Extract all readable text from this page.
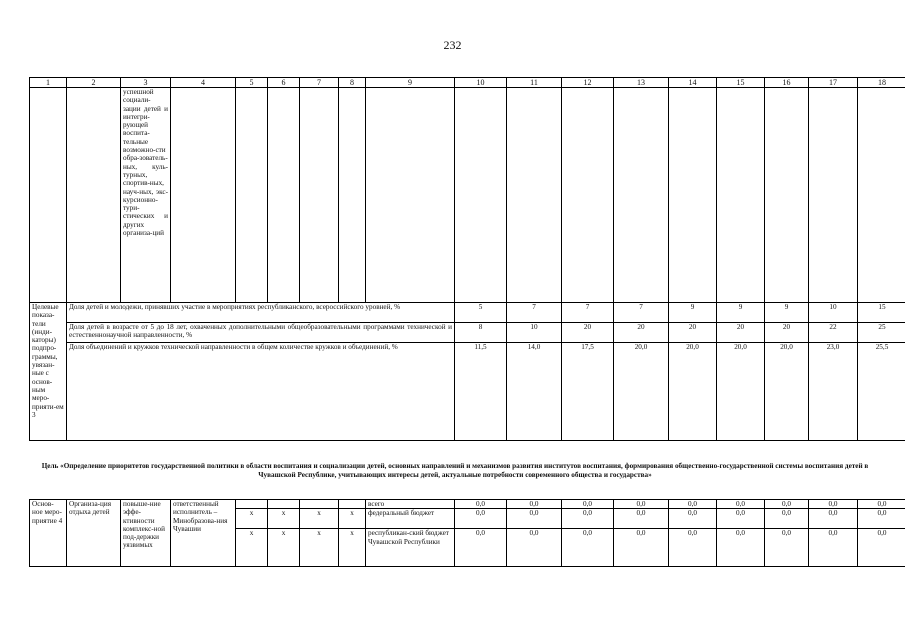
232
1	2	3	4	5	6	7	8	9	10	11	12	13	14	15	16	17	18
		успешной социали-зации детей и интегри-рующей воспита-тельные возможно-сти обра-зователь-ных, куль-турных, спортив-ных, науч-ных, экс-курсионно-тури-стических и других организа-ций															
Целевые показа-тели (инди-каторы) подпро-граммы, увязан-ные с основ-ным меро-прияти-ем 3	Доля детей и молодежи, принявших участие в мероприятиях республиканского, всероссийского уровней, %								5	7	7	7	9	9	9	10	15
	Доля детей в возрасте от 5 до 18 лет, охваченных дополнительными общеобразовательными программами технической и естественнонаучной направленности, %								8	10	20	20	20	20	20	22	25
	Доля объединений и кружков технической направленности в общем количестве кружков и объединений, %								11,5	14,0	17,5	20,0	20,0	20,0	20,0	23,0	25,5
Цель «Определение приоритетов государственной политики в области воспитания и социализации детей, основных направлений и механизмов развития институтов воспитания, формирования общественно-государственной системы воспитания детей в Чувашской Республике, учитывающих интересы детей, актуальные потребности современного общества и государства»
Основ-ное меро-приятие 4	Организа-ция отдыха детей	повыше-ние эффе-ктивности комплекс-ной под-держки уязвимых	ответственный исполнитель – Минобразова-ния Чувашии					всего	0,0	0,0	0,0	0,0	0,0	0,0	0,0	0,0	0,0
				x	x	x	x	федеральный бюджет	0,0	0,0	0,0	0,0	0,0	0,0	0,0	0,0	0,0
				x	x	x	x	республикан-ский бюджет Чувашской Республики	0,0	0,0	0,0	0,0	0,0	0,0	0,0	0,0	0,0
